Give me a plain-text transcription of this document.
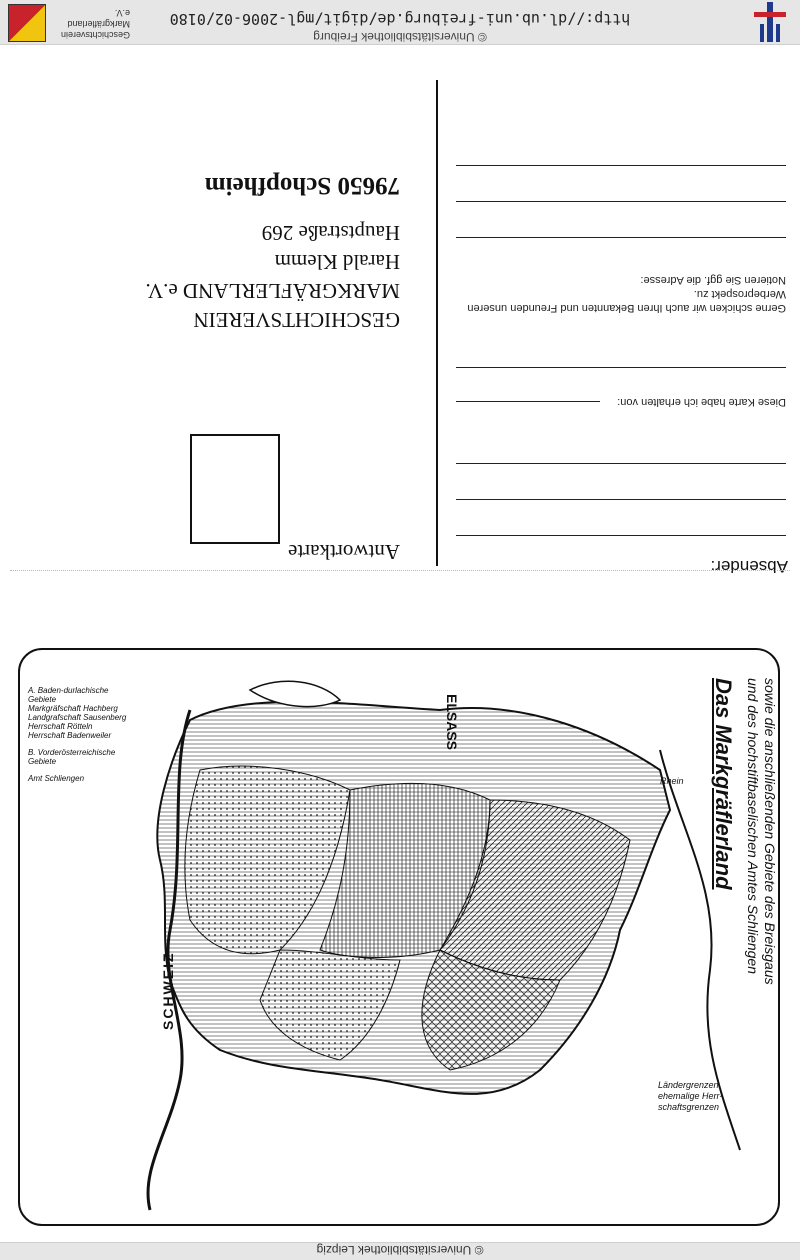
Geschichtsverein
Markgräflerland e.V.
© Universitätsbibliothek Freiburg
http://dl.ub.uni-freiburg.de/digit/mgl-2006-02/0180
Absender:
Diese Karte habe ich erhalten von:
Gerne schicken wir auch Ihren Bekannten und Freunden unseren
Werbeprospekt zu.
Notieren Sie ggf. die Adresse:
Antwortkarte
GESCHICHTSVEREIN
MARKGRÄFLERLAND e.V.
Harald Klemm
Hauptstraße 269
79650 Schopfheim
ELSASS
SCHWEIZ
Rhein Das Markgräflerland sowie die anschließenden Gebiete des Breisgaus
und des hochstiftbaselischen Amtes Schliengen
Ländergrenzen
ehemalige Herr-
schaftsgrenzen
A. Baden-durlachische Gebiete
Markgräfschaft Hachberg
Landgrafschaft Sausenberg
Herrschaft Rötteln
Herrschaft Badenweiler
B. Vorderösterreichische Gebiete
Amt Schliengen
© Universitätsbibliothek Leipzig
